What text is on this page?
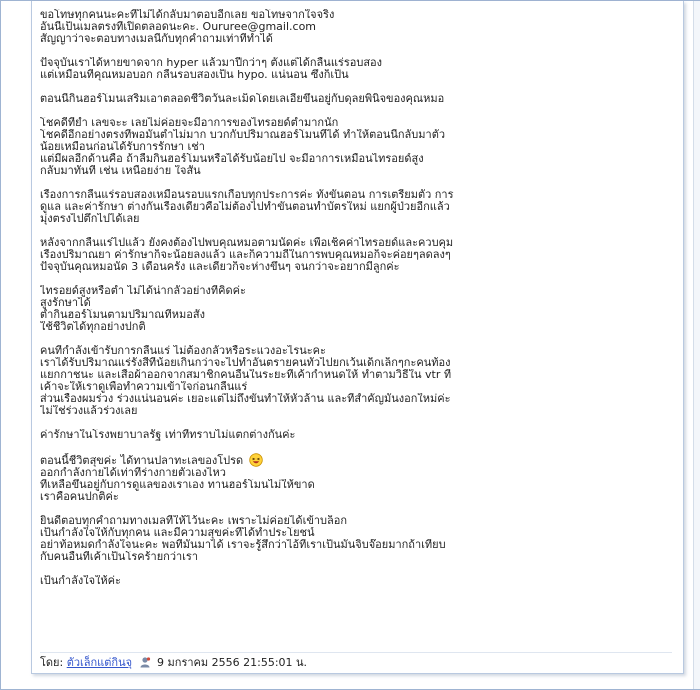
ขอโทษทุกคนนะคะที่ไม่ได้กลับมาตอบอีกเลย ขอโทษจากใจจริง
อันนี้เป็นเมลตรงที่เปิดตลอดนะคะ. Oururee@gmail.com
สัญญาว่าจะตอบทางเมลนี้กับทุกคำถามเท่าที่ทำได้
ปัจจุบันเราได้หายขาดจาก hyper แล้วมาปีกว่าๆ ตั้งแต่ได้กลืนแร่รอบสอง
แต่เหมือนที่คุณหมอบอก กลืนรอบสองเป็น hypo. แน่นอน ซึ่งก็เป็น
ตอนนี้กินฮอร์โมนเสริมเอาตลอดชีวิตวันละเม็ดโดยเลเอี้ยขึ้นอยู่กับดุลยพินิจของคุณหมอ
โชคดีที่ยำ เลขจะะ เลยไม่ค่อยจะมีอาการของไทรอยด์ต่ำมากนัก
โชคดีอีกอย่างตรงที่พอมันต่ำไม่มาก บวกกับปริมาณฮอร์โมนที่ได้ ทำให้ตอนนี้กลับมาตัว
น้อยเหมือนก่อนได้รับการรักษา เช่า
แต่มีผลอีกด้านคือ ถ้าลืมกินฮอร์โมนหรือได้รับน้อยไป จะมีอาการเหมือนไทรอยด์สูง
กลับมาทันที เช่น เหนื่อยง่าย ใจสั่น
เรื่องการกลืนแร่รอบสองเหมือนรอบแรกเกือบทุกประการค่ะ ทั้งขั้นตอน การเตรียมตัว การ
ดูแล และค่ารักษา ต่างกันเรื่องเดียวคือไม่ต้องไปทำขั้นตอนทำบัตรใหม่ แยกผู้ป่วยอีกแล้ว
มุ่งตรงไปตึกไปได้เลย
หลังจากกลืนแร่ไปแล้ว ยังคงต้องไปพบคุณหมอตามนัดค่ะ เพื่อเช็คค่าไทรอยด์และควบคุม
เรื่องปริมาณยา ค่ารักษาก็จะน้อยลงแล้ว และก็ความถี่ในการพบคุณหมอก็จะค่อยๆลดลงๆ
ปัจจุบันคุณหมอนัด 3 เดือนครั้ง และเดี๋ยวก็จะห่างขึ้นๆ จนกว่าจะอยากมีลูกค่ะ
ไทรอยด์สูงหรือต่ำ ไม่ได้น่ากลัวอย่างที่คิดค่ะ
สูงรักษาได้
ต่ำกินฮอร์โมนตามปริมาณที่หมอสั่ง
ใช้ชีวิตได้ทุกอย่างปกติ
คนที่กำลังเข้ารับการกลืนแร่ ไม่ต้องกลัวหรือระแวงอะไรนะคะ
เราได้รับปริมาณแร่รังสีที่น้อยเกินกว่าจะไปทำอันตรายคนทั่วไปยกเว้นเด็กเล็กๆกะคนท้อง
แยกกาชนะ และเสื้อผ้าออกจากสมาชิกคนอื่นในระยะที่เค้ากำหนดให้ ทำตามวิธีใน vtr ที่
เค้าจะให้เราดูเพื่อทำความเข้าใจก่อนกลืนแร่
ส่วนเรื่องผมร่วง ร่วงแน่นอนค่ะ เยอะแต่ไม่ถึงขั้นทำให้หัวล้าน และที่สำคัญมันงอกใหม่ค่ะ
ไม่ใช่ร่วงแล้วร่วงเลย
ค่ารักษาในโรงพยาบาลรัฐ เท่าที่ทราบไม่แตกต่างกันค่ะ
ตอนนี้ชีวิตสุขค่ะ ได้ทานปลาทะเลของโปรด
ออกกำลังกายได้เท่าที่ร่างกายตัวเองไหว
ที่เหลือขึ้นอยู่กับการดูแลของเราเอง ทานฮอร์โมนไม่ให้ขาด
เราคือคนปกติค่ะ
ยินดีตอบทุกคำถามทางเมลที่ให้ไว้นะคะ เพราะไม่ค่อยได้เข้าบล็อก
เป็นกำลังใจให้กับทุกคน และมีความสุขค่ะที่ได้ทำประโยชน์
อย่าท้อหมดกำลังใจนะคะ พอทีมันมาได้ เราจะรู้สึกว่าไอ้ที่เราเป็นมันจิ๊บจ๊อยมากถ้าเทียบ
กับคนอื่นที่เค้าเป็นโรคร้ายกว่าเรา
เป็นกำลังใจให้ค่ะ
โดย: ตัวเล็กแต่กินจุ 9 มกราคม 2556 21:55:01 น.
